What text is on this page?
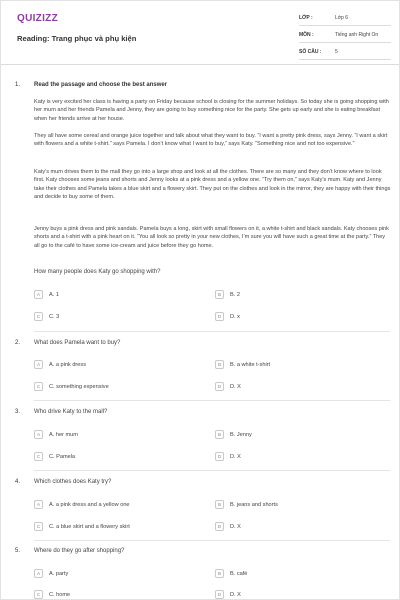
QUIZIZZ
Reading: Trang phục và phụ kiện
LỚP :	Lớp 6
MÔN :	Tiếng anh Right On
SỐ CÂU :	5
1. Read the passage and choose the best answer
Katy is very excited her class is having a party on Friday because school is closing for the summer holidays. So today she is going shopping with her mum and her friends Pamela and Jenny, they are going to buy something nice for the party. She gets up early and she is eating breakfast when her friends arrive at her house.
They all have some cereal and orange juice together and talk about what they want to buy. “I want a pretty pink dress, says Jenny. “I want a skirt with flowers and a white t-shirt.” says Pamela. I don’t know what I want to buy,” says Katy. “Something nice and not too expensive.”
Katy’s mum drives them to the mall they go into a large shop and look at all the clothes. There are so many and they don’t know where to look first. Katy chooses some jeans and shorts and Jenny looks at a pink dress and a yellow one. “Try them on,” says Katy’s mum. Katy and Jenny take their clothes and Pamela takes a blue skirt and a flowery skirt. They put on the clothes and look in the mirror, they are happy with their things and decide to buy some of them.
Jenny buys a pink dress and pink sandals. Pamela buys a long, skirt with small flowers on it, a white t-shirt and black sandals. Katy chooses pink shorts and a t-shirt with a pink heart on it. “You all look so pretty in your new clothes, I’m sure you will have such a great time at the party.” They all go to the café to have some ice-cream and juice before they go home.
How many people does Katy go shopping with?
A	A. 1	B	B. 2
C	C. 3	D	D. x
2. What does Pamela want to buy?
A	A. a pink dress	B	B. a white t-shirt
C	C. something expensive	D	D. X
3. Who drive Katy to the mall?
A	A. her mum	B	B. Jenny
C	C. Pamela	D	D. X
4. Which clothes does Katy try?
A	A. a pink dress and a yellow one	B	B. jeans and shorts
C	C. a blue skirt and a flowery skirt	D	D. X
5. Where do they go after shopping?
A	A. party	B	B. café
C	C. home	D	D. X
